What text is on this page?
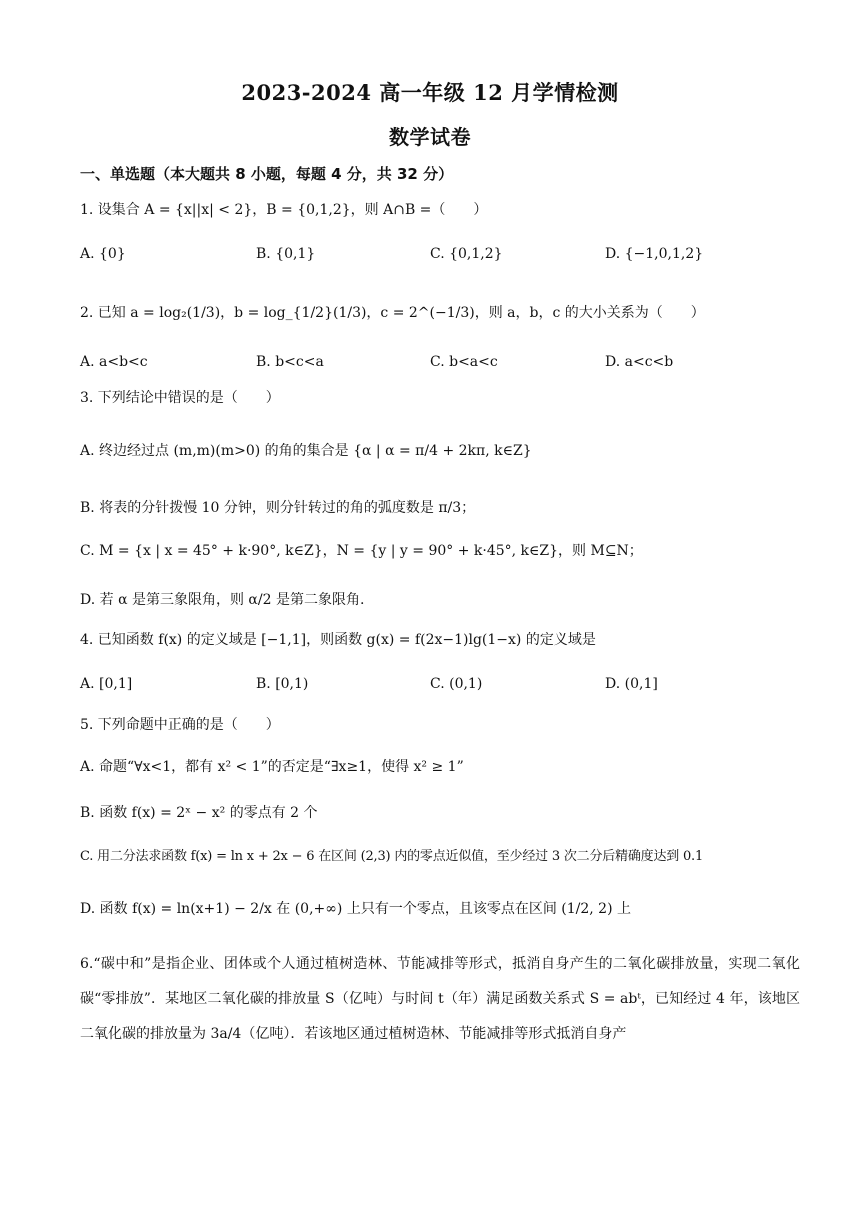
2023-2024 高一年级 12 月学情检测
数学试卷
一、单选题（本大题共 8 小题，每题 4 分，共 32 分）
1. 设集合 A = {x||x| < 2}，B = {0,1,2}，则 A∩B =（　　）
A. {0}	B. {0,1}	C. {0,1,2}	D. {−1,0,1,2}
2. 已知 a = log₂(1/3)，b = log_{1/2}(1/3)，c = 2^(−1/3)，则 a，b，c 的大小关系为（　　）
A. a<b<c	B. b<c<a	C. b<a<c	D. a<c<b
3. 下列结论中错误的是（　　）
A. 终边经过点 (m,m)(m>0) 的角的集合是 {α | α = π/4 + 2kπ, k∈Z}
B. 将表的分针拨慢 10 分钟，则分针转过的角的弧度数是 π/3；
C. M = {x | x = 45° + k·90°, k∈Z}，N = {y | y = 90° + k·45°, k∈Z}，则 M⊆N；
D. 若 α 是第三象限角，则 α/2 是第二象限角.
4. 已知函数 f(x) 的定义域是 [−1,1]，则函数 g(x) = f(2x−1)lg(1−x) 的定义域是
A. [0,1]	B. [0,1)	C. (0,1)	D. (0,1]
5. 下列命题中正确的是（　　）
A. 命题“∀x<1，都有 x² < 1”的否定是“∃x≥1，使得 x² ≥ 1”
B. 函数 f(x) = 2ˣ − x² 的零点有 2 个
C. 用二分法求函数 f(x) = ln x + 2x − 6 在区间 (2,3) 内的零点近似值，至少经过 3 次二分后精确度达到 0.1
D. 函数 f(x) = ln(x+1) − 2/x 在 (0,+∞) 上只有一个零点，且该零点在区间 (1/2, 2) 上
6.“碳中和”是指企业、团体或个人通过植树造林、节能减排等形式，抵消自身产生的二氧化碳排放量，实现二氧化碳“零排放”．某地区二氧化碳的排放量 S（亿吨）与时间 t（年）满足函数关系式 S = abᵗ，已知经过 4 年，该地区二氧化碳的排放量为 3a/4（亿吨）．若该地区通过植树造林、节能减排等形式抵消自身产
